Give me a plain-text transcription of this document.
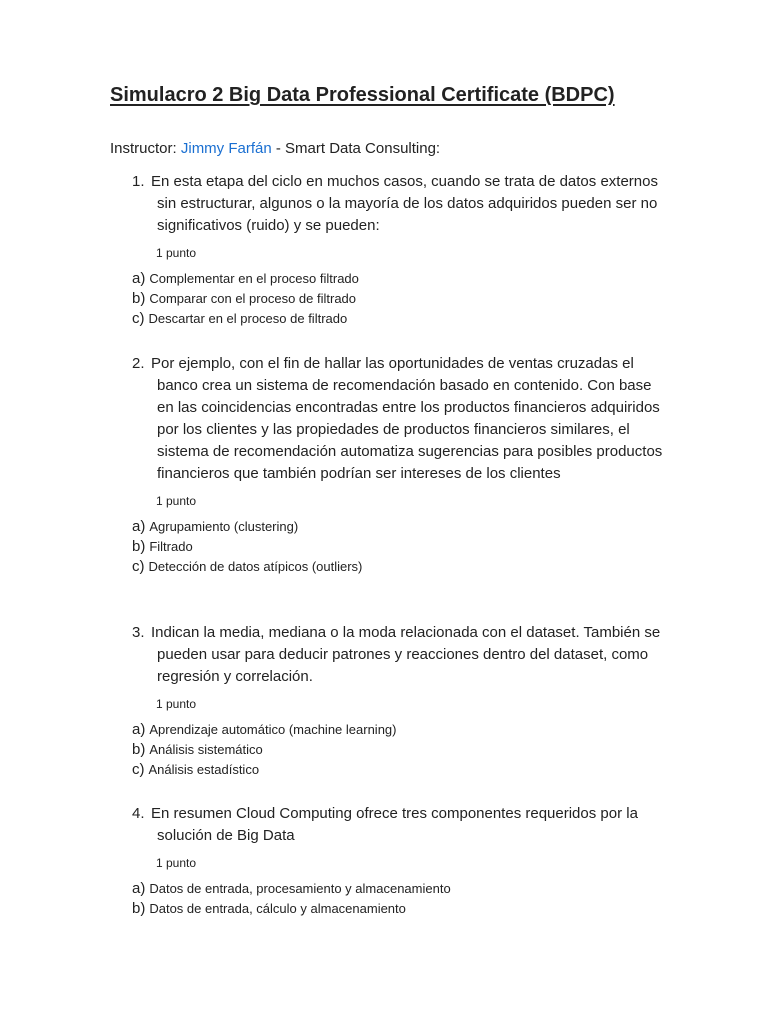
Simulacro 2 Big Data Professional Certificate (BDPC)

Instructor: Jimmy Farfán - Smart Data Consulting:

1. En esta etapa del ciclo en muchos casos, cuando se trata de datos externos sin estructurar, algunos o la mayoría de los datos adquiridos pueden ser no significativos (ruido) y se pueden:

1 punto
a) Complementar en el proceso filtrado
b) Comparar con el proceso de filtrado
c) Descartar en el proceso de filtrado

2. Por ejemplo, con el fin de hallar las oportunidades de ventas cruzadas el banco crea un sistema de recomendación basado en contenido. Con base en las coincidencias encontradas entre los productos financieros adquiridos por los clientes y las propiedades de productos financieros similares, el sistema de recomendación automatiza sugerencias para posibles productos financieros que también podrían ser intereses de los clientes

1 punto
a) Agrupamiento (clustering)
b) Filtrado
c) Detección de datos atípicos (outliers)

3. Indican la media, mediana o la moda relacionada con el dataset. También se pueden usar para deducir patrones y reacciones dentro del dataset, como regresión y correlación.

1 punto
a) Aprendizaje automático (machine learning)
b) Análisis sistemático
c) Análisis estadístico

4. En resumen Cloud Computing ofrece tres componentes requeridos por la solución de Big Data

1 punto
a) Datos de entrada, procesamiento y almacenamiento
b) Datos de entrada, cálculo y almacenamiento
